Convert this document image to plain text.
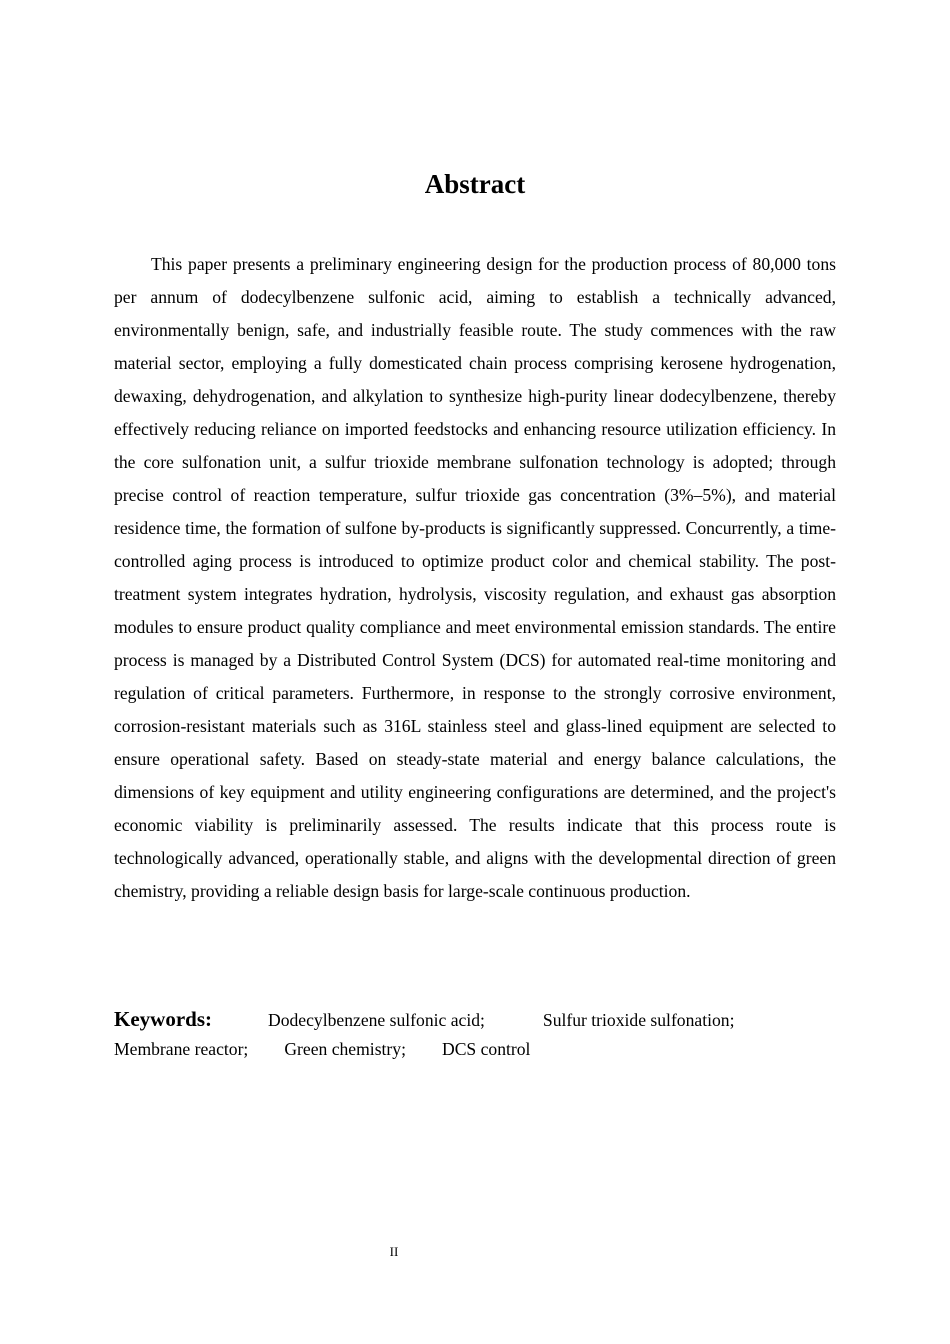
Abstract

This paper presents a preliminary engineering design for the production process of 80,000 tons per annum of dodecylbenzene sulfonic acid, aiming to establish a technically advanced, environmentally benign, safe, and industrially feasible route. The study commences with the raw material sector, employing a fully domesticated chain process comprising kerosene hydrogenation, dewaxing, dehydrogenation, and alkylation to synthesize high-purity linear dodecylbenzene, thereby effectively reducing reliance on imported feedstocks and enhancing resource utilization efficiency. In the core sulfonation unit, a sulfur trioxide membrane sulfonation technology is adopted; through precise control of reaction temperature, sulfur trioxide gas concentration (3%–5%), and material residence time, the formation of sulfone by-products is significantly suppressed. Concurrently, a time-controlled aging process is introduced to optimize product color and chemical stability. The post-treatment system integrates hydration, hydrolysis, viscosity regulation, and exhaust gas absorption modules to ensure product quality compliance and meet environmental emission standards. The entire process is managed by a Distributed Control System (DCS) for automated real-time monitoring and regulation of critical parameters. Furthermore, in response to the strongly corrosive environment, corrosion-resistant materials such as 316L stainless steel and glass-lined equipment are selected to ensure operational safety. Based on steady-state material and energy balance calculations, the dimensions of key equipment and utility engineering configurations are determined, and the project's economic viability is preliminarily assessed. The results indicate that this process route is technologically advanced, operationally stable, and aligns with the developmental direction of green chemistry, providing a reliable design basis for large-scale continuous production.

Keywords:	Dodecylbenzene sulfonic acid;	Sulfur trioxide sulfonation;
Membrane reactor; Green chemistry; DCS control

II
